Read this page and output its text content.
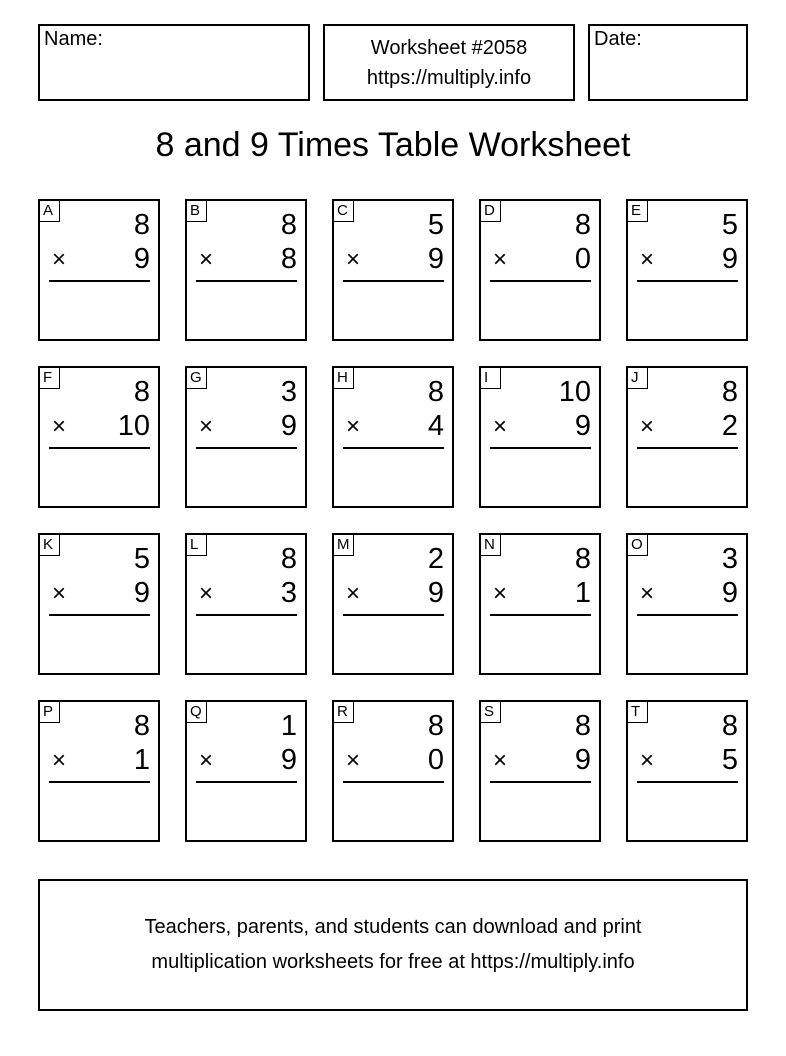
Name:	Worksheet #2058
https://multiply.info
Date:
8 and 9 Times Table Worksheet
A	8
× 9
B	8
× 8
C	5
× 9
D	8
× 0
E	5
× 9
F	8
× 10
G	3
× 9
H	8
× 4
I	10
× 9
J	8
× 2
K	5
× 9
L	8
× 3
M	2
× 9
N	8
× 1
O	3
× 9
P	8
× 1
Q	1
× 9
R	8
× 0
S	8
× 9
T	8
× 5
Teachers, parents, and students can download and print
multiplication worksheets for free at https://multiply.info
